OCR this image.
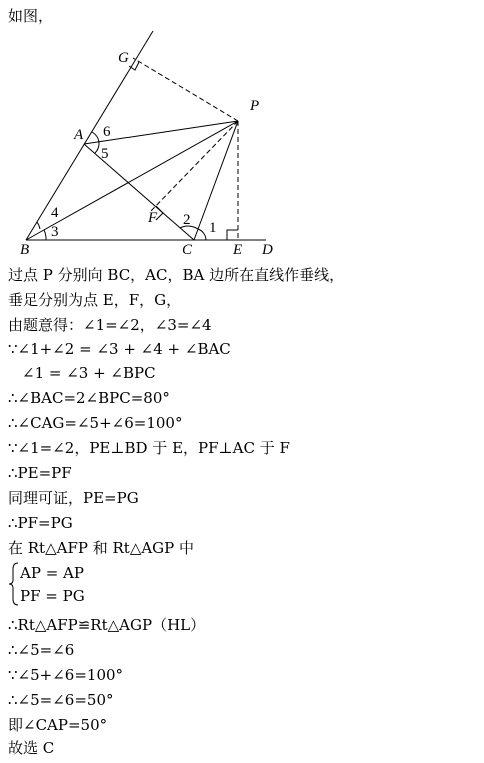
如图，
G
P
A
B	C	E D
F
1
2
3
4
5
6
过点 P 分别向 BC，AC，BA 边所在直线作垂线，
垂足分别为点 E，F，G，
由题意得：∠1=∠2，∠3=∠4
∵∠1+∠2 = ∠3 + ∠4 + ∠BAC
∠1 = ∠3 + ∠BPC
∴∠BAC=2∠BPC=80°
∴∠CAG=∠5+∠6=100°
∵∠1=∠2，PE⊥BD 于 E，PF⊥AC 于 F
∴PE=PF
同理可证，PE=PG
∴PF=PG
在 Rt△AFP 和 Rt△AGP 中
AP = AP
PF = PG
∴Rt△AFP≌Rt△AGP（HL）
∴∠5=∠6
∵∠5+∠6=100°
∴∠5=∠6=50°
即∠CAP=50°
故选 C
